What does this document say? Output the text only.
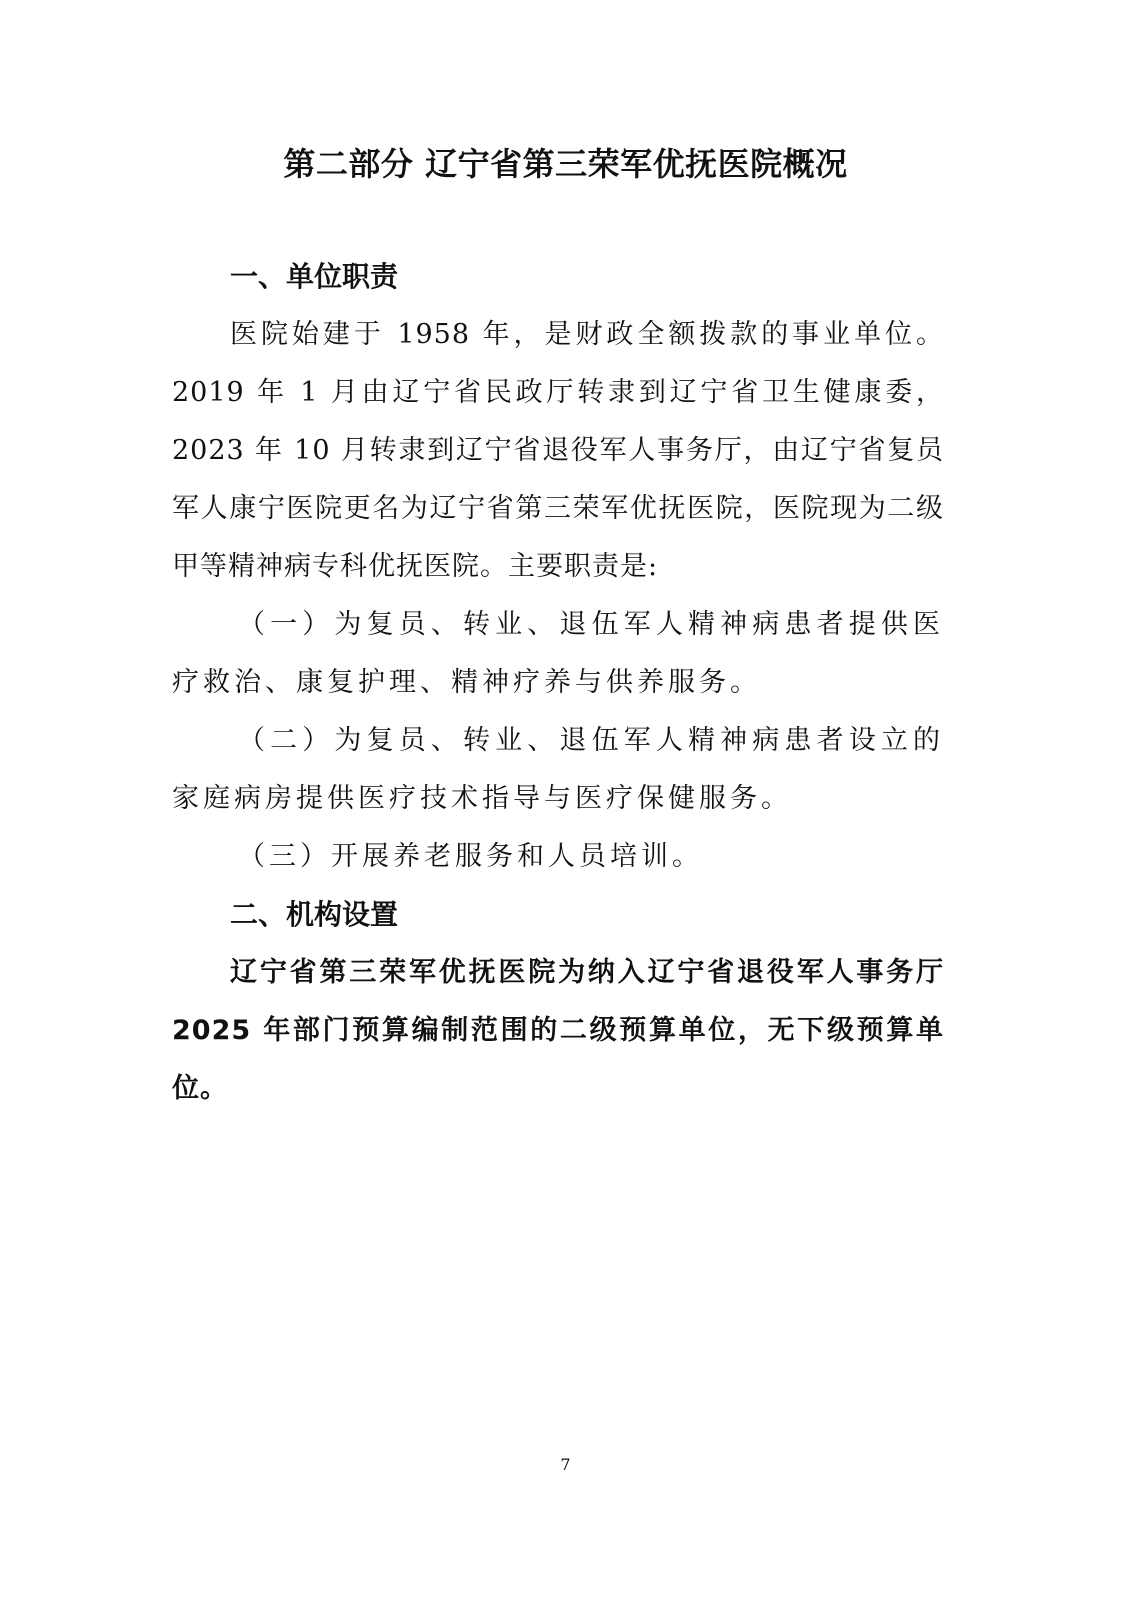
第二部分 辽宁省第三荣军优抚医院概况

一、单位职责

医院始建于 1958 年，是财政全额拨款的事业单位。2019 年 1 月由辽宁省民政厅转隶到辽宁省卫生健康委，2023 年 10 月转隶到辽宁省退役军人事务厅，由辽宁省复员军人康宁医院更名为辽宁省第三荣军优抚医院，医院现为二级甲等精神病专科优抚医院。主要职责是:

（一）为复员、转业、退伍军人精神病患者提供医疗救治、康复护理、精神疗养与供养服务。

（二）为复员、转业、退伍军人精神病患者设立的家庭病房提供医疗技术指导与医疗保健服务。

（三）开展养老服务和人员培训。

二、机构设置

辽宁省第三荣军优抚医院为纳入辽宁省退役军人事务厅 2025 年部门预算编制范围的二级预算单位，无下级预算单位。

7
